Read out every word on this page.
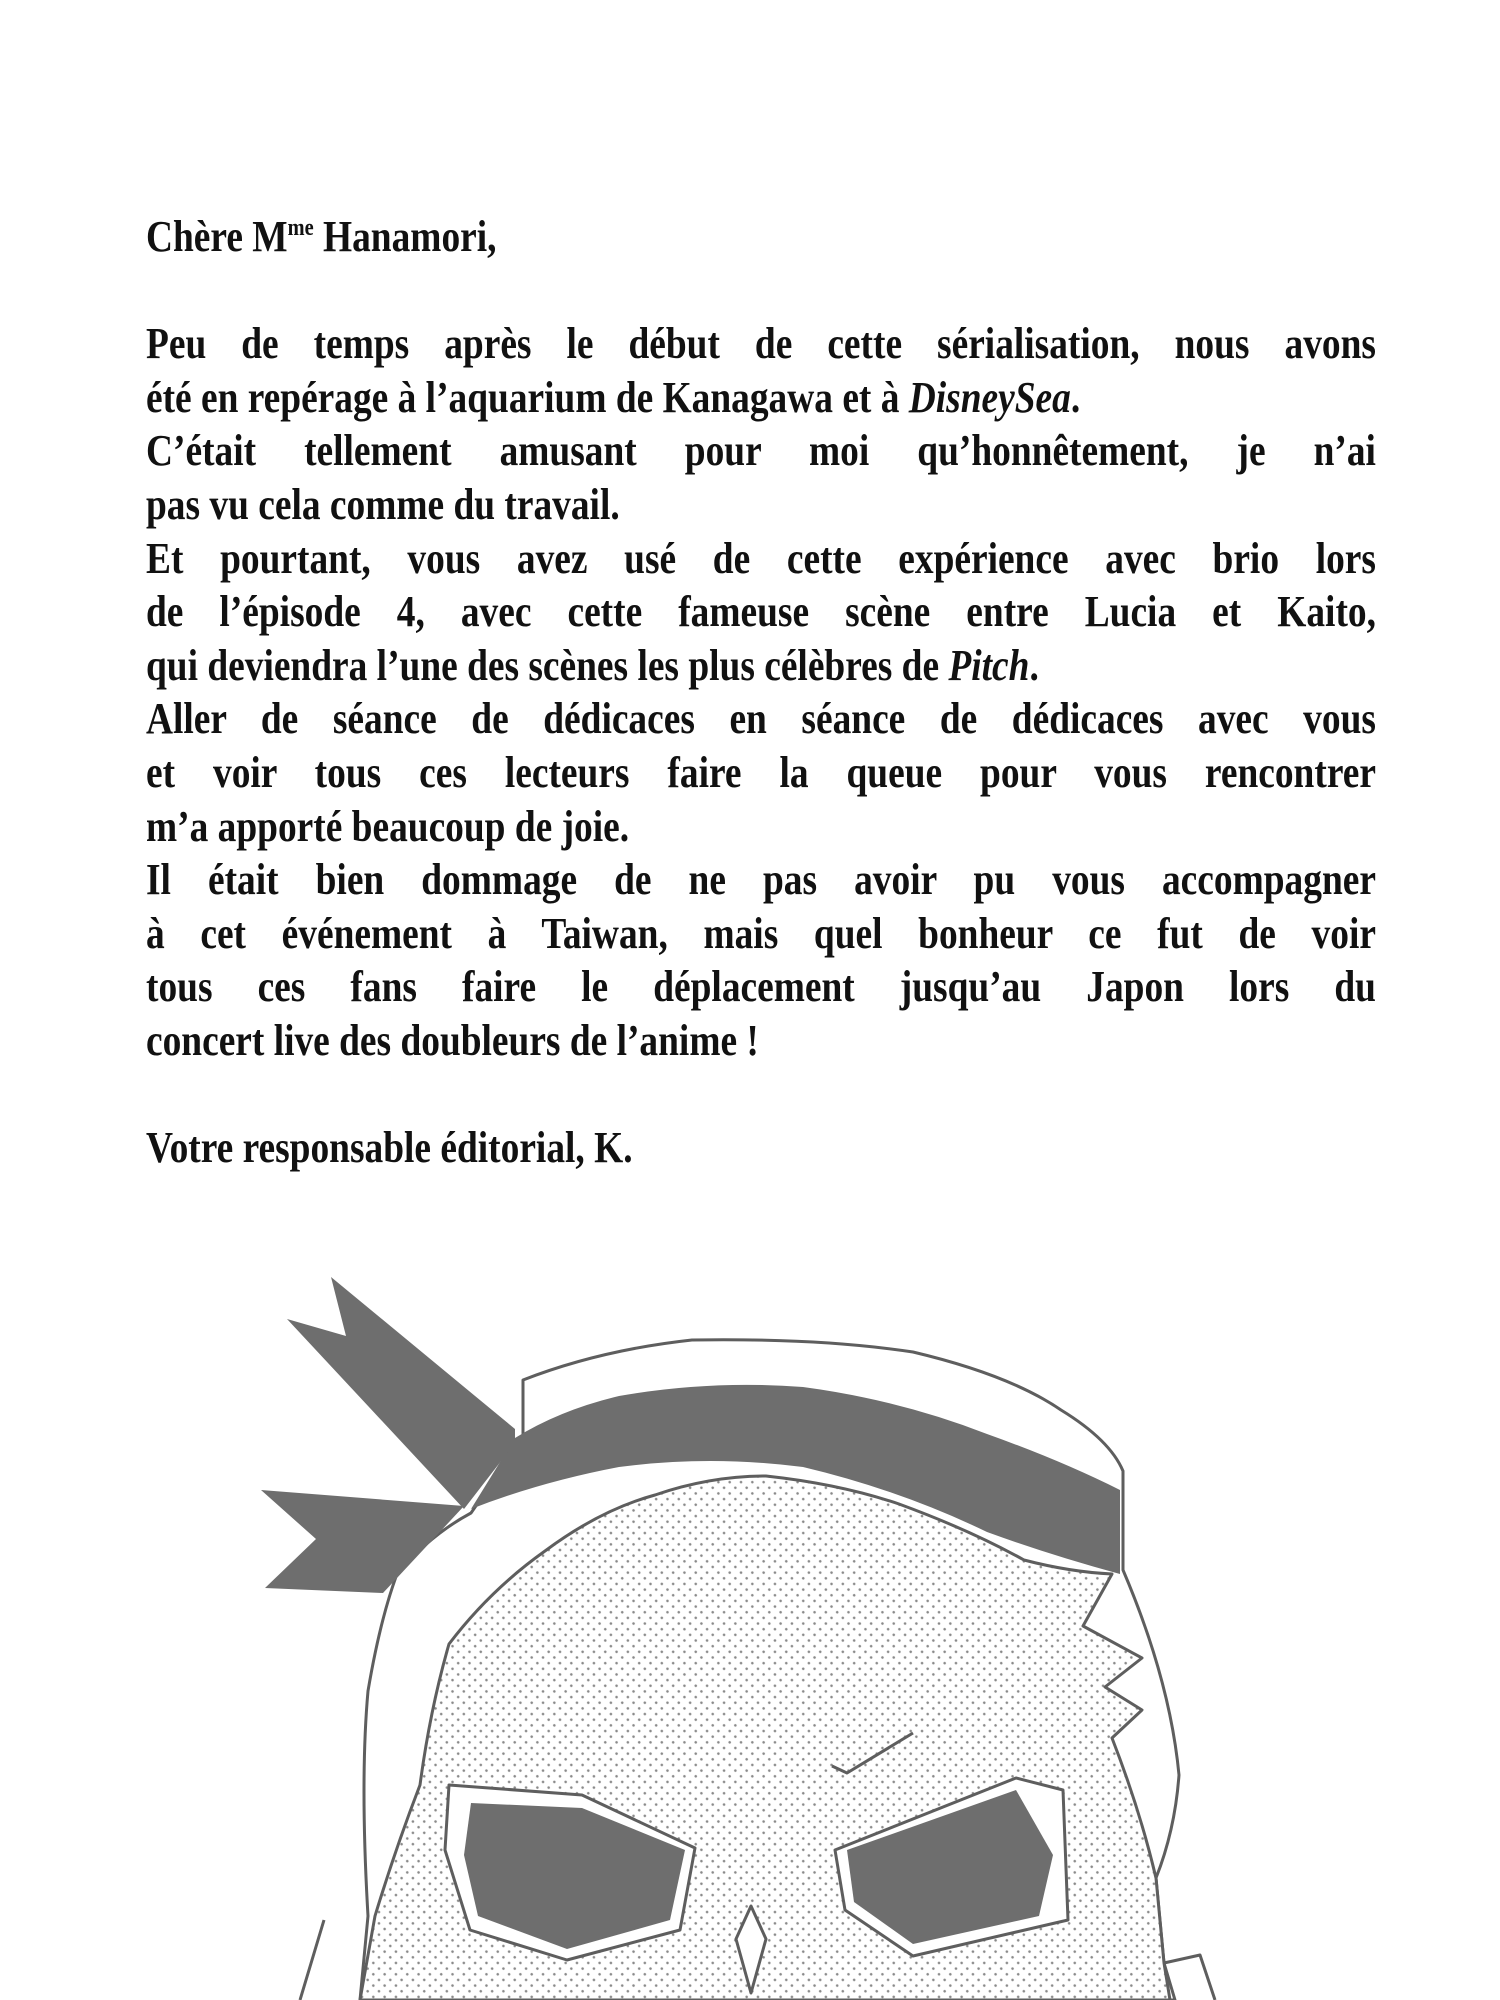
Chère $M^{me}$ Hanamori,
Peu de temps après le début de cette sérialisation, nous avons
été en repérage à l’aquarium de Kanagawa et à DisneySea.
C’était tellement amusant pour moi qu’honnêtement, je n’ai
pas vu cela comme du travail.
Et pourtant, vous avez usé de cette expérience avec brio lors
de l’épisode 4, avec cette fameuse scène entre Lucia et Kaito,
qui deviendra l’une des scènes les plus célèbres de Pitch.
Aller de séance de dédicaces en séance de dédicaces avec vous
et voir tous ces lecteurs faire la queue pour vous rencontrer
m’a apporté beaucoup de joie.
Il était bien dommage de ne pas avoir pu vous accompagner
à cet événement à Taiwan, mais quel bonheur ce fut de voir
tous ces fans faire le déplacement jusqu’au Japon lors du
concert live des doubleurs de l’anime !
Votre responsable éditorial, K.
